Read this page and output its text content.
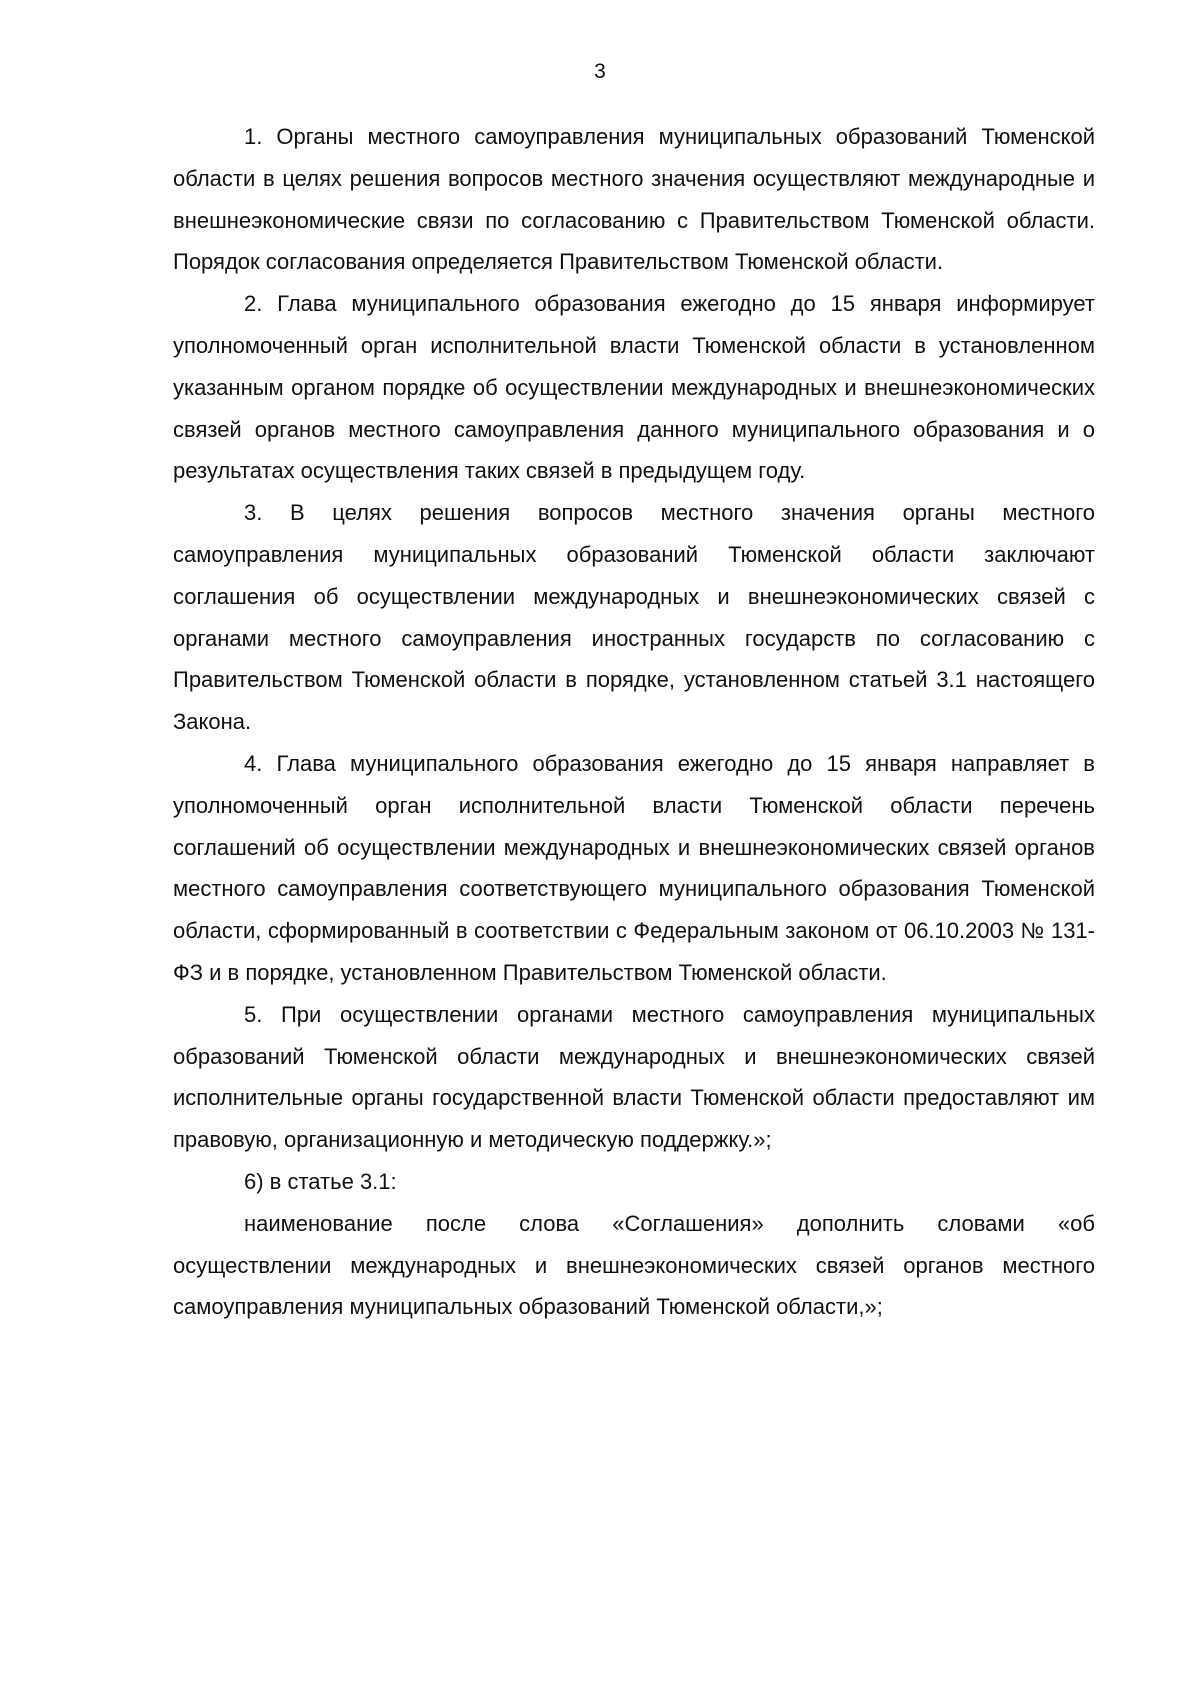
3

1. Органы местного самоуправления муниципальных образований Тюменской области в целях решения вопросов местного значения осуществляют международные и внешнеэкономические связи по согласованию с Правительством Тюменской области. Порядок согласования определяется Правительством Тюменской области.

2. Глава муниципального образования ежегодно до 15 января информирует уполномоченный орган исполнительной власти Тюменской области в установленном указанным органом порядке об осуществлении международных и внешнеэкономических связей органов местного самоуправления данного муниципального образования и о результатах осуществления таких связей в предыдущем году.

3. В целях решения вопросов местного значения органы местного самоуправления муниципальных образований Тюменской области заключают соглашения об осуществлении международных и внешнеэкономических связей с органами местного самоуправления иностранных государств по согласованию с Правительством Тюменской области в порядке, установленном статьей 3.1 настоящего Закона.

4. Глава муниципального образования ежегодно до 15 января направляет в уполномоченный орган исполнительной власти Тюменской области перечень соглашений об осуществлении международных и внешнеэкономических связей органов местного самоуправления соответствующего муниципального образования Тюменской области, сформированный в соответствии с Федеральным законом от 06.10.2003 № 131-ФЗ и в порядке, установленном Правительством Тюменской области.

5. При осуществлении органами местного самоуправления муниципальных образований Тюменской области международных и внешнеэкономических связей исполнительные органы государственной власти Тюменской области предоставляют им правовую, организационную и методическую поддержку.»;

6) в статье 3.1:

наименование после слова «Соглашения» дополнить словами «об осуществлении международных и внешнеэкономических связей органов местного самоуправления муниципальных образований Тюменской области,»;
